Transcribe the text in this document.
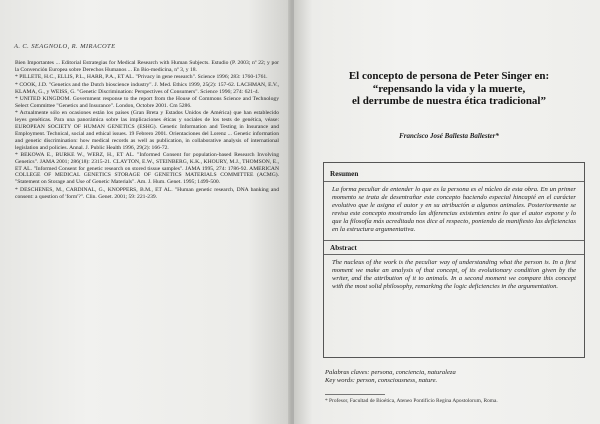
A. C. SEAGNOLO, R. MIRACOTE

Bien Importantes ... Editorial Estrategias for Medical Research with Human Subjects. Estudio (P. 2003; nº 22; y por la Convención Europea sobre Derechos Humanos ... En Bio-medicina, nº 3, y 18.

* PILLETE, H.C., ELLIS, P.L., HARR, P.A., ET AL. "Privacy in gene research". Science 1996; 283: 1760-1761.

* COOK, J.D. "Genetics and the Dutch bioscience industry". J. Med. Ethics 1999, 25(2): 157-62. LACHMAN, E.V., KLAMA, G., y WEISS, G. "Genetic Discrimination: Perspectives of Consumers". Science 1996; 274: 621-4.

* UNITED KINGDOM. Government response to the report from the House of Commons Science and Technology Select Committee "Genetics and Insurance". London, Octobre 2001. Cm 5286.

* Actualmente sólo en ocasiones están los países (Gran Breta y Estados Unidos de América) que han establecido leyes genéticas. Para una panorámica sobre las implicaciones éticas y sociales de los tests de genética, véase: EUROPEAN SOCIETY OF HUMAN GENETICS (ESHG). Genetic Information and Testing in Insurance and Employment. Technical, social and ethical issues. 19 Febrero 2001. Orientaciones del Lorenz ... Genetic information and genetic discrimination: how medical records as well as publication, in collaborative analysis of international legislation and policies. Annal. J. Public Health 1996, 29(2): 166-72.

* BEKOWA E., BURKE W., WERZ, H., ET AL. "Informed Consent for population-based Research Involving Genetics". JAMA 2001; 286(18): 2315-21. CLAYTON, E.W., STEINBERG, K.K., KHOURY, M.J., THOMSON, E., ET AL. "Informed Consent for genetic research on stored tissue samples". JAMA 1995, 274: 1786-92. AMERICAN COLLEGE OF MEDICAL GENETICS STORAGE OF GENETICS MATERIALS COMMITTEE (ACMG). "Statement on Storage and Use of Genetic Materials". Am. J. Hum. Genet. 1995; 1499-500.

* DESCHENES, M., CARDINAL, G., KNOPPERS, B.M., ET AL. "Human genetic research, DNA banking and consent: a question of 'form'?". Clin. Genet. 2001; 59: 221-239.

El concepto de persona de Peter Singer en:
“repensando la vida y la muerte,
el derrumbe de nuestra ética tradicional”
Francisco José Ballesta Ballester*
Resumen
La forma peculiar de entender lo que es la persona es el núcleo de esta obra. En un primer momento se trata de desentrañar este concepto haciendo especial hincapié en el carácter evolutivo que le asigna el autor y en su atribución a algunos animales. Posteriormente se revisa este concepto mostrando las diferencias existentes entre lo que el autor expone y lo que la filosofía más acreditada nos dice al respecto, poniendo de manifiesto las deficiencias en la estructura argumentativa.
Abstract
The nucleus of the work is the peculiar way of understanding what the person is. In a first moment we make an analysis of that concept, of its evolutionary condition given by the writer, and the attribution of it to animals. In a second moment we compare this concept with the most solid philosophy, remarking the logic deficiencies in the argumentation.
Palabras claves: persona, conciencia, naturaleza
Key words: person, consciousness, nature.
* Profesor, Facultad de Bioética, Ateneo Pontificio Regina Apostolorum, Roma.
